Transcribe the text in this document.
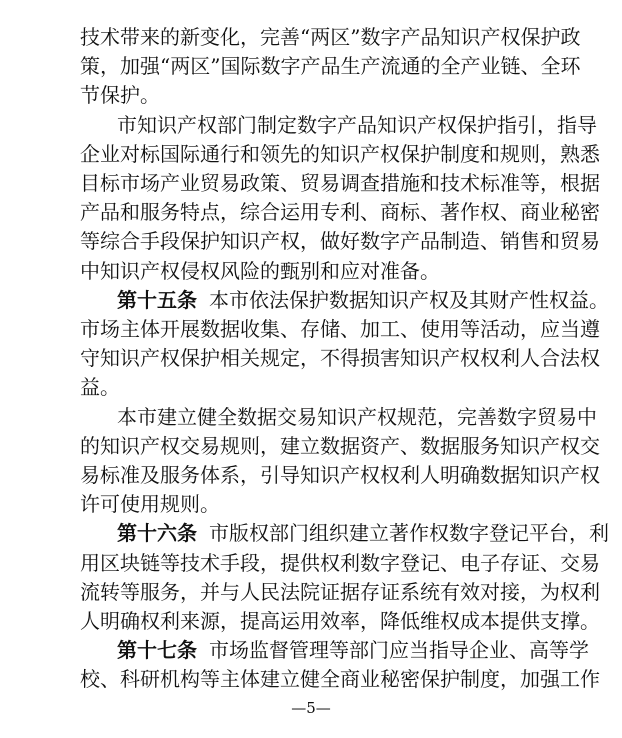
技术带来的新变化，完善“两区”数字产品知识产权保护政
策，加强“两区”国际数字产品生产流通的全产业链、全环
节保护。
市知识产权部门制定数字产品知识产权保护指引，指导
企业对标国际通行和领先的知识产权保护制度和规则，熟悉
目标市场产业贸易政策、贸易调查措施和技术标准等，根据
产品和服务特点，综合运用专利、商标、著作权、商业秘密
等综合手段保护知识产权，做好数字产品制造、销售和贸易
中知识产权侵权风险的甄别和应对准备。
第十五条 本市依法保护数据知识产权及其财产性权益。
市场主体开展数据收集、存储、加工、使用等活动，应当遵
守知识产权保护相关规定，不得损害知识产权权利人合法权
益。
本市建立健全数据交易知识产权规范，完善数字贸易中
的知识产权交易规则，建立数据资产、数据服务知识产权交
易标准及服务体系，引导知识产权权利人明确数据知识产权
许可使用规则。
第十六条 市版权部门组织建立著作权数字登记平台，利
用区块链等技术手段，提供权利数字登记、电子存证、交易
流转等服务，并与人民法院证据存证系统有效对接，为权利
人明确权利来源，提高运用效率，降低维权成本提供支撑。
第十七条 市场监督管理等部门应当指导企业、高等学
校、科研机构等主体建立健全商业秘密保护制度，加强工作
—5—
